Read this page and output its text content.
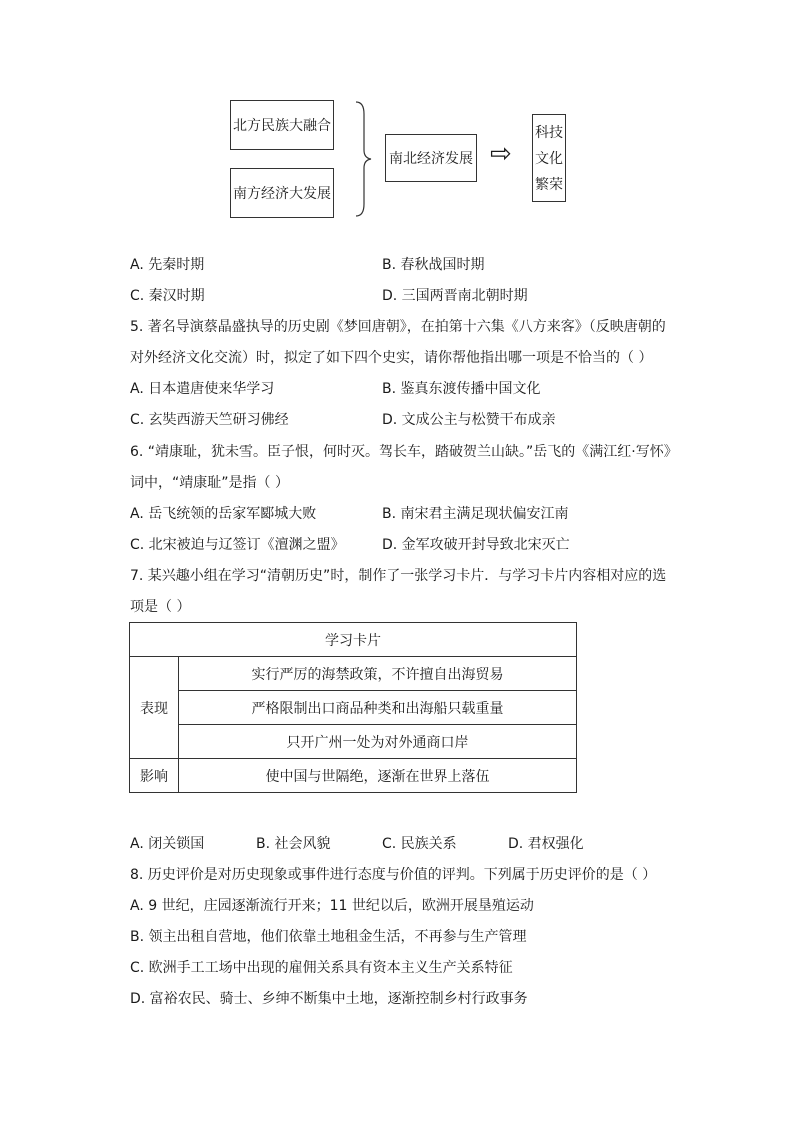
北方民族大融合
南方经济大发展
南北经济发展 ⇨
科技
文化
繁荣
A. 先秦时期	B. 春秋战国时期
C. 秦汉时期	D. 三国两晋南北朝时期
5. 著名导演蔡晶盛执导的历史剧《梦回唐朝》，在拍第十六集《八方来客》（反映唐朝的
对外经济文化交流）时，拟定了如下四个史实，请你帮他指出哪一项是不恰当的（ ）
A. 日本遣唐使来华学习	B. 鉴真东渡传播中国文化
C. 玄奘西游天竺研习佛经	D. 文成公主与松赞干布成亲
6. “靖康耻，犹未雪。臣子恨，何时灭。驾长车，踏破贺兰山缺。”岳飞的《满江红·写怀》
词中，“靖康耻”是指（ ）
A. 岳飞统领的岳家军郾城大败	B. 南宋君主满足现状偏安江南
C. 北宋被迫与辽签订《澶渊之盟》	D. 金军攻破开封导致北宋灭亡
7. 某兴趣小组在学习“清朝历史”时，制作了一张学习卡片．与学习卡片内容相对应的选
项是（ ）
学习卡片	
表现	实行严厉的海禁政策，不许擅自出海贸易
	严格限制出口商品种类和出海船只载重量
	只开广州一处为对外通商口岸
影响	使中国与世隔绝，逐渐在世界上落伍
A. 闭关锁国	B. 社会风貌	C. 民族关系	D. 君权强化
8. 历史评价是对历史现象或事件进行态度与价值的评判。下列属于历史评价的是（ ）
A. 9 世纪，庄园逐渐流行开来；11 世纪以后，欧洲开展垦殖运动
B. 领主出租自营地，他们依靠土地租金生活，不再参与生产管理
C. 欧洲手工工场中出现的雇佣关系具有资本主义生产关系特征
D. 富裕农民、骑士、乡绅不断集中土地，逐渐控制乡村行政事务
